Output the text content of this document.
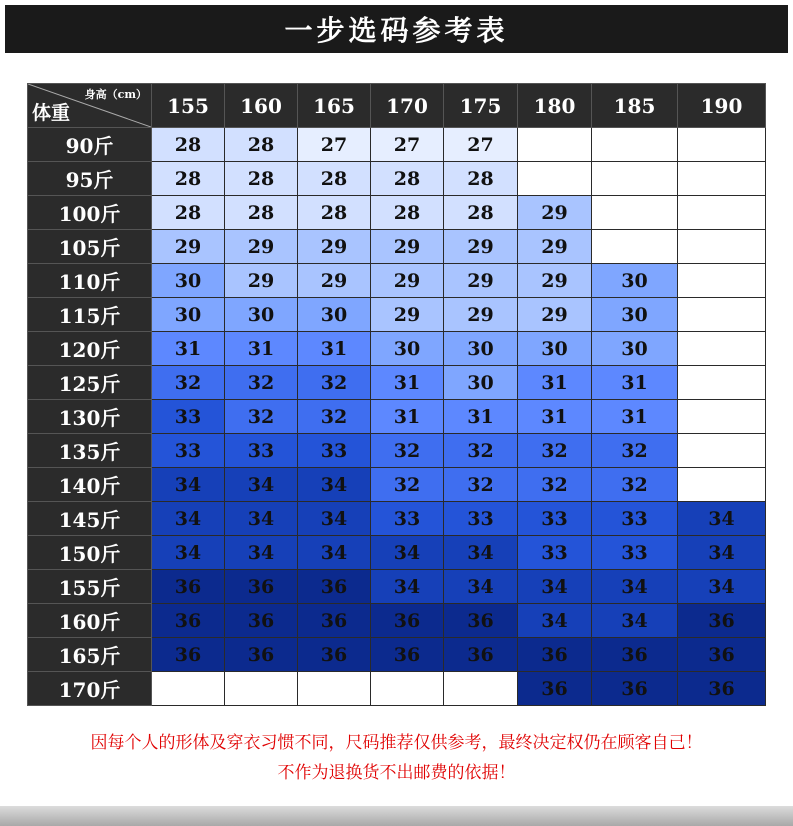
一步选码参考表
身高（cm）
体重	155	160	165	170	175	180	185	190
90斤	28	28	27	27	27			
95斤	28	28	28	28	28			
100斤	28	28	28	28	28	29		
105斤	29	29	29	29	29	29		
110斤	30	29	29	29	29	29	30	
115斤	30	30	30	29	29	29	30	
120斤	31	31	31	30	30	30	30	
125斤	32	32	32	31	30	31	31	
130斤	33	32	32	31	31	31	31	
135斤	33	33	33	32	32	32	32	
140斤	34	34	34	32	32	32	32	
145斤	34	34	34	33	33	33	33	34
150斤	34	34	34	34	34	33	33	34
155斤	36	36	36	34	34	34	34	34
160斤	36	36	36	36	36	34	34	36
165斤	36	36	36	36	36	36	36	36
170斤						36	36	36
因每个人的形体及穿衣习惯不同，尺码推荐仅供参考，最终决定权仍在顾客自己！
不作为退换货不出邮费的依据！
